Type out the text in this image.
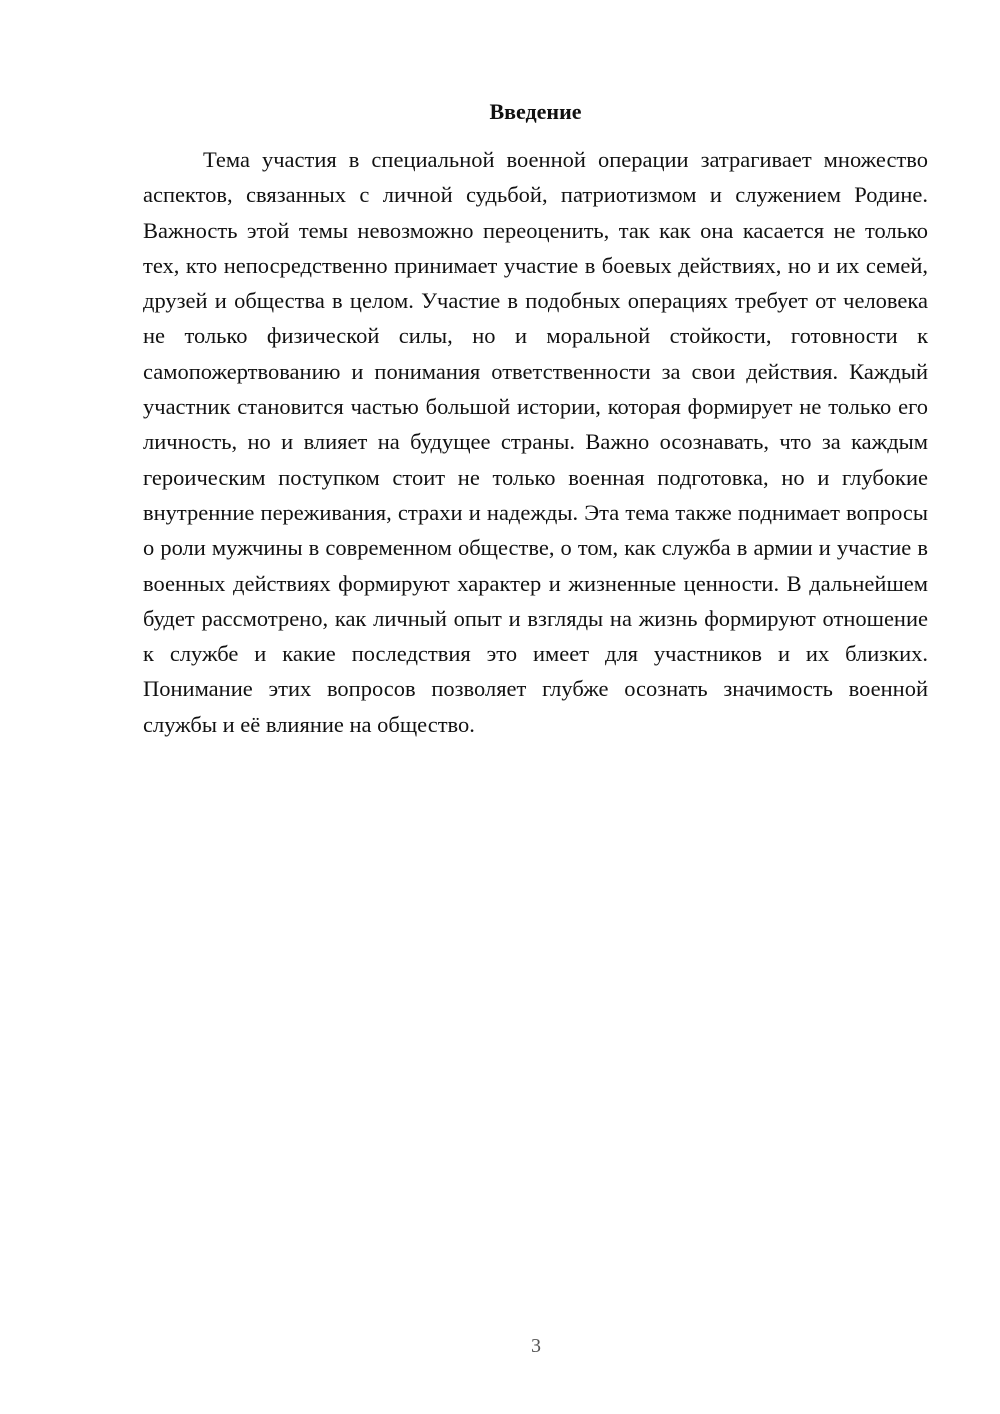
Введение

Тема участия в специальной военной операции затрагивает множество аспектов, связанных с личной судьбой, патриотизмом и служением Родине. Важность этой темы невозможно переоценить, так как она касается не только тех, кто непосредственно принимает участие в боевых действиях, но и их семей, друзей и общества в целом. Участие в подобных операциях требует от человека не только физической силы, но и моральной стойкости, готовности к самопожертвованию и понимания ответственности за свои действия. Каждый участник становится частью большой истории, которая формирует не только его личность, но и влияет на будущее страны. Важно осознавать, что за каждым героическим поступком стоит не только военная подготовка, но и глубокие внутренние переживания, страхи и надежды. Эта тема также поднимает вопросы о роли мужчины в современном обществе, о том, как служба в армии и участие в военных действиях формируют характер и жизненные ценности. В дальнейшем будет рассмотрено, как личный опыт и взгляды на жизнь формируют отношение к службе и какие последствия это имеет для участников и их близких. Понимание этих вопросов позволяет глубже осознать значимость военной службы и её влияние на общество.

3
